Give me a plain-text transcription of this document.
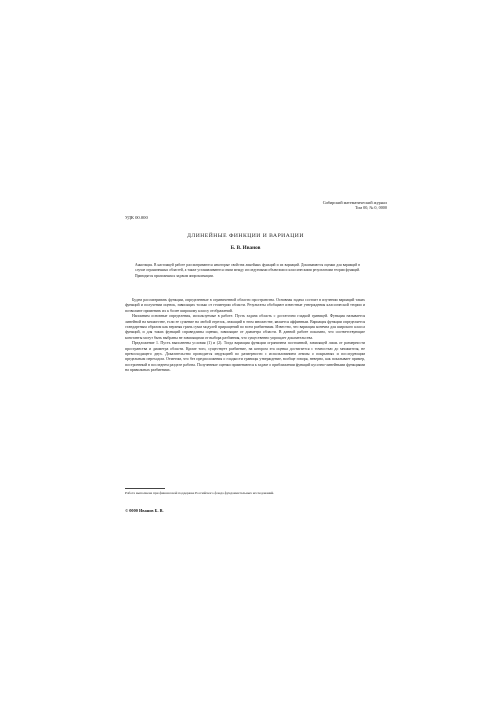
Сибирский математический журнал
Том 00, № 0, 0000
УДК 00.000
ДЛИНЕЙНЫЕ ФИНКЦИИ И ВАРИАЦИИ
Б. В. Иванов
Аннотация. В настоящей работе рассматриваются некоторые свойства линейных функций и их вариаций. Доказываются оценки для вариаций в случае ограниченных областей, а также устанавливаются связи между исследуемыми объектами и классическими результатами теории функций. Приводятся приложения к задачам аппроксимации.

Будем рассматривать функции, определенные в ограниченной области пространства. Основная задача состоит в изучении вариаций таких функций и получении оценок, зависящих только от геометрии области. Результаты обобщают известные утверждения классической теории и позволяют применять их к более широкому классу отображений.

Напомним основные определения, используемые в работе. Пусть задана область с достаточно гладкой границей. Функция называется линейной на множестве, если ее сужение на любой отрезок, лежащий в этом множестве, является аффинным. Вариация функции определяется стандартным образом как верхняя грань сумм модулей приращений по всем разбиениям. Известно, что вариация конечна для широкого класса функций, и для таких функций справедливы оценки, зависящие от диаметра области. В данной работе показано, что соответствующие константы могут быть выбраны не зависящими от выбора разбиения, что существенно упрощает доказательства.

Предложение 1. Пусть выполнены условия (1) и (2). Тогда вариация функции ограничена постоянной, зависящей лишь от размерности пространства и диаметра области. Кроме того, существует разбиение, на котором эта оценка достигается с точностью до множителя, не превосходящего двух. Доказательство проводится индукцией по размерности с использованием леммы о покрытиях и последующим предельным переходом. Отметим, что без предположения о гладкости границы утверждение, вообще говоря, неверно, как показывает пример, построенный в последнем разделе работы. Полученные оценки применяются к задаче о приближении функций кусочно-линейными функциями на правильных разбиениях.

Работа выполнена при финансовой поддержке Российского фонда фундаментальных исследований.
© 0000 Иванов Б. В.
